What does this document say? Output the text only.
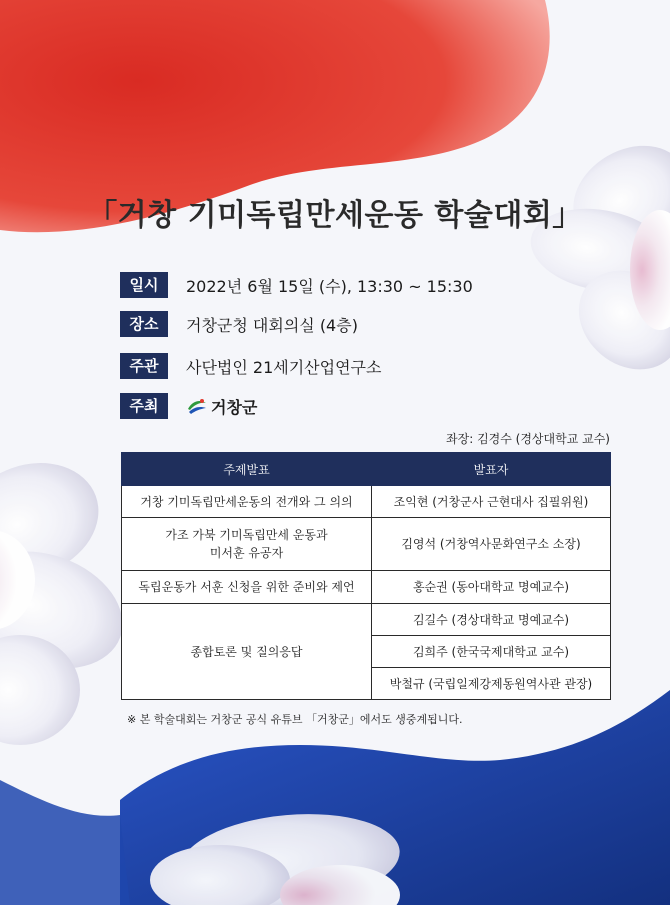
「거창 기미독립만세운동 학술대회」
일시	2022년 6월 15일 (수), 13:30 ~ 15:30
장소	거창군청 대회의실 (4층)
주관	사단법인 21세기산업연구소
주최	거창군
좌장: 김경수 (경상대학교 교수)
주제발표	발표자
거창 기미독립만세운동의 전개와 그 의의	조익현 (거창군사 근현대사 집필위원)

가조 가북 기미독립만세 운동과
미서훈 유공자	김영석 (거창역사문화연구소 소장)
독립운동가 서훈 신청을 위한 준비와 제언	홍순권 (동아대학교 명예교수)
종합토론 및 질의응답	김길수 (경상대학교 명예교수)
	김희주 (한국국제대학교 교수)
	박철규 (국립일제강제동원역사관 관장)
※ 본 학술대회는 거창군 공식 유튜브 「거창군」에서도 생중계됩니다.
